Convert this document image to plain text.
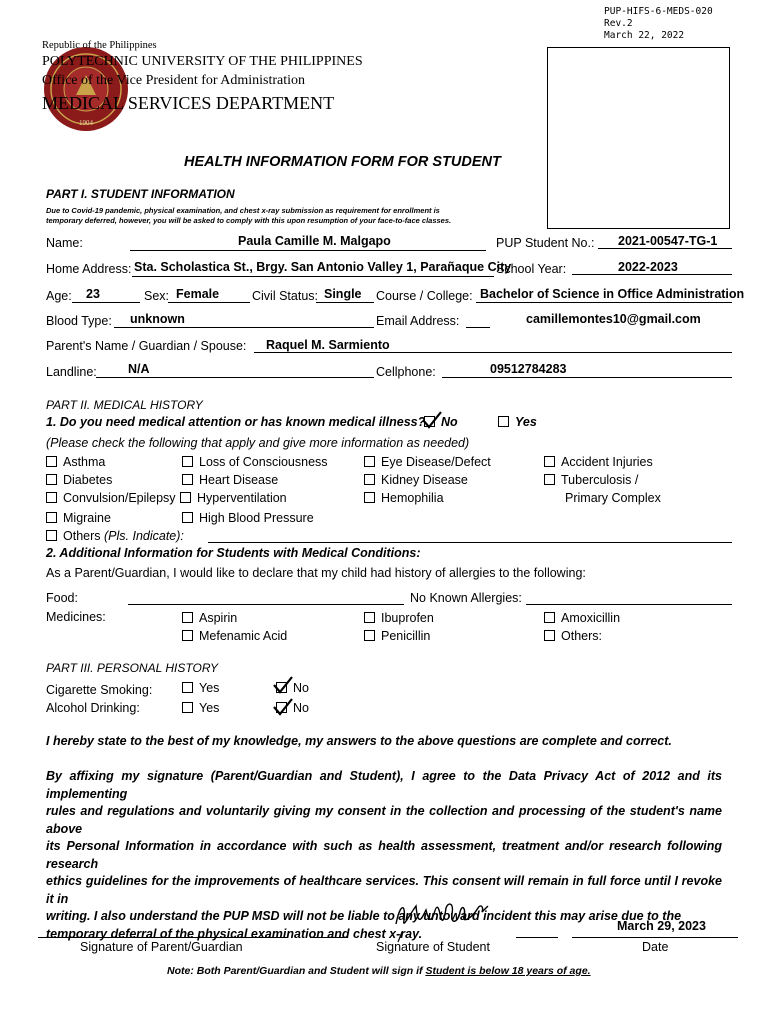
PUP-HIFS-6-MEDS-020
Rev.2
March 22, 2022
1904
Republic of the Philippines
POLYTECHNIC UNIVERSITY OF THE PHILIPPINES
Office of the Vice President for Administration
MEDICAL SERVICES DEPARTMENT
HEALTH INFORMATION FORM FOR STUDENT
PART I. STUDENT INFORMATION
Due to Covid-19 pandemic, physical examination, and chest x-ray submission as requirement for enrollment is
temporary deferred, however, you will be asked to comply with this upon resumption of your face-to-face classes.
Name:	Paula Camille M. Malgapo	PUP Student No.: 2021-00547-TG-1
Home Address: Sta. Scholastica St., Brgy. San Antonio Valley 1, Parañaque City
School Year:	2022-2023
Age: 23	Sex: Female	Civil Status: Single Course / College: Bachelor of Science in Office Administration
Blood Type: unknown	Email Address:	camillemontes10@gmail.com
Parent's Name / Guardian / Spouse: Raquel M. Sarmiento
Landline:	N/A	Cellphone:	09512784283
PART II. MEDICAL HISTORY
1. Do you need medical attention or has known medical illness?	No	Yes
(Please check the following that apply and give more information as needed)
Asthma	Loss of Consciousness	Eye Disease/Defect	Accident Injuries
Diabetes	Heart Disease	Kidney Disease	Tuberculosis /
Convulsion/Epilepsy	Hyperventilation	Hemophilia	Primary Complex
Migraine	High Blood Pressure
Others (Pls. Indicate):
2. Additional Information for Students with Medical Conditions:
As a Parent/Guardian, I would like to declare that my child had history of allergies to the following:
Food:	No Known Allergies:
Medicines:	Aspirin	Ibuprofen	Amoxicillin
Mefenamic Acid	Penicillin	Others:
PART III. PERSONAL HISTORY
Cigarette Smoking:	Yes	No
Alcohol Drinking:	Yes	No
I hereby state to the best of my knowledge, my answers to the above questions are complete and correct.
By affixing my signature (Parent/Guardian and Student), I agree to the Data Privacy Act of 2012 and its implementing
rules and regulations and voluntarily giving my consent in the collection and processing of the student's name above
its Personal Information in accordance with such as health assessment, treatment and/or research following research
ethics guidelines for the improvements of healthcare services. This consent will remain in full force until I revoke it in
writing. I also understand the PUP MSD will not be liable to any untoward incident this may arise due to the
temporary deferral of the physical examination and chest x-ray.
March 29, 2023
Signature of Parent/Guardian	Signature of Student	Date
Note: Both Parent/Guardian and Student will sign if Student is below 18 years of age.
